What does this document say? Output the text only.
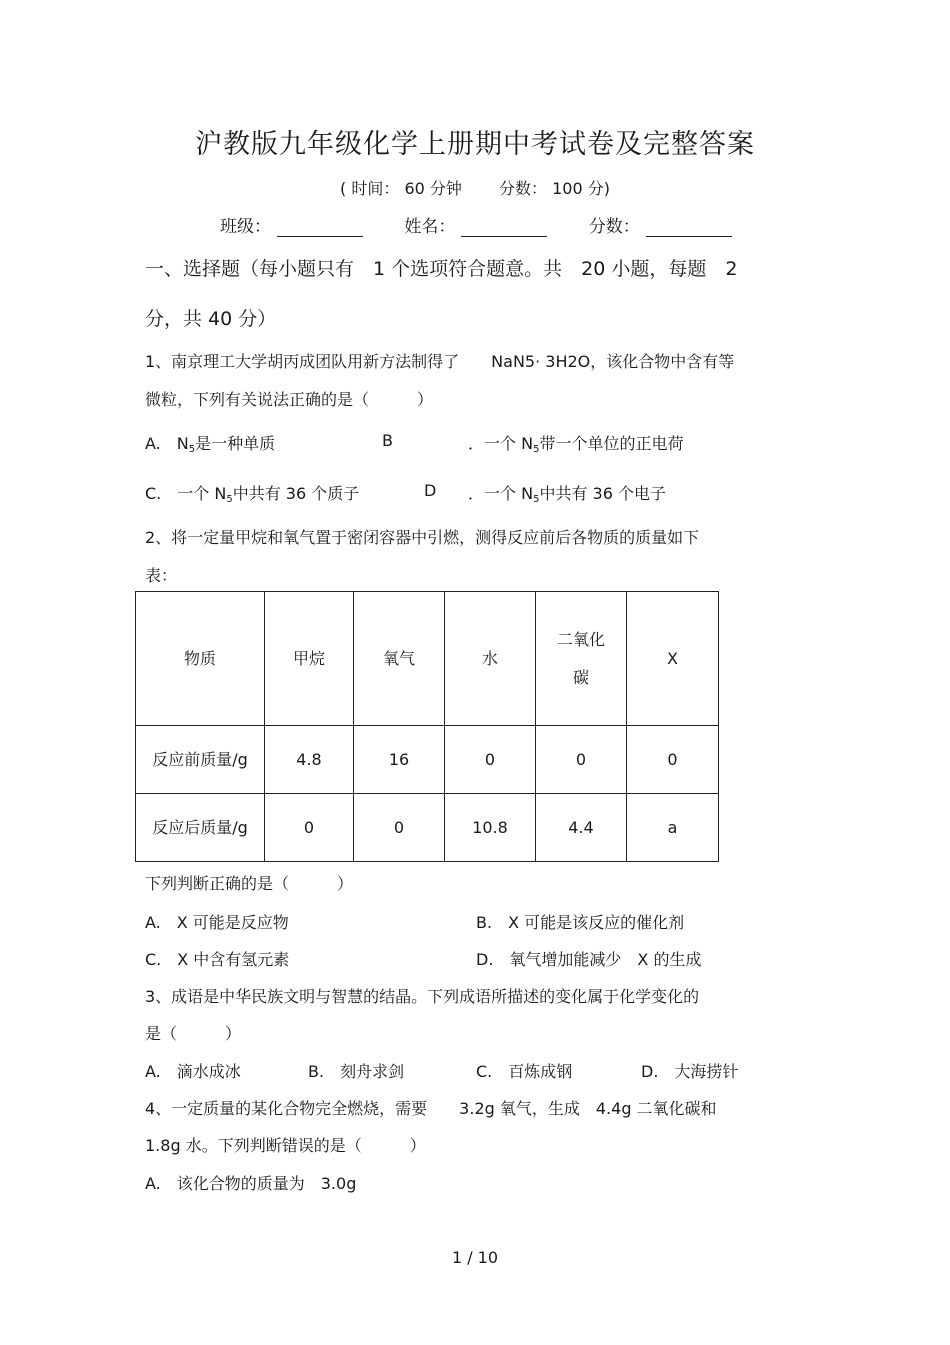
沪教版九年级化学上册期中考试卷及完整答案
( 时间： 60 分钟 分数： 100 分)
班级：	姓名：	分数：
一、选择题（每小题只有　1 个选项符合题意。共　20 小题，每题　2
分，共 40 分）
1、南京理工大学胡丙成团队用新方法制得了　　NaN5· 3H2O，该化合物中含有等
微粒，下列有关说法正确的是（　　　）
A.　$N_5$是一种单质	B	．一个 $N_5$带一个单位的正电荷
C.　一个 $N_5$中共有 36 个质子	D ．一个 $N_5$中共有 36 个电子
2、将一定量甲烷和氧气置于密闭容器中引燃，测得反应前后各物质的质量如下
表：
物质	甲烷	氧气	水	二氧化碳	X
反应前质量/g	4.8	16	0	0	0
反应后质量/g	0	0	10.8	4.4	a
下列判断正确的是（　　　）
A.　X 可能是反应物	B.　X 可能是该反应的催化剂
C.　X 中含有氢元素	D.　氧气增加能减少　X 的生成
3、成语是中华民族文明与智慧的结晶。下列成语所描述的变化属于化学变化的
是（　　　）
A.　滴水成冰	B.　刻舟求剑	C.　百炼成钢	D.　大海捞针
4、一定质量的某化合物完全燃烧，需要　　3.2g 氧气，生成　4.4g 二氧化碳和
1.8g 水。下列判断错误的是（　　　）
A.　该化合物的质量为　3.0g
1 / 10
